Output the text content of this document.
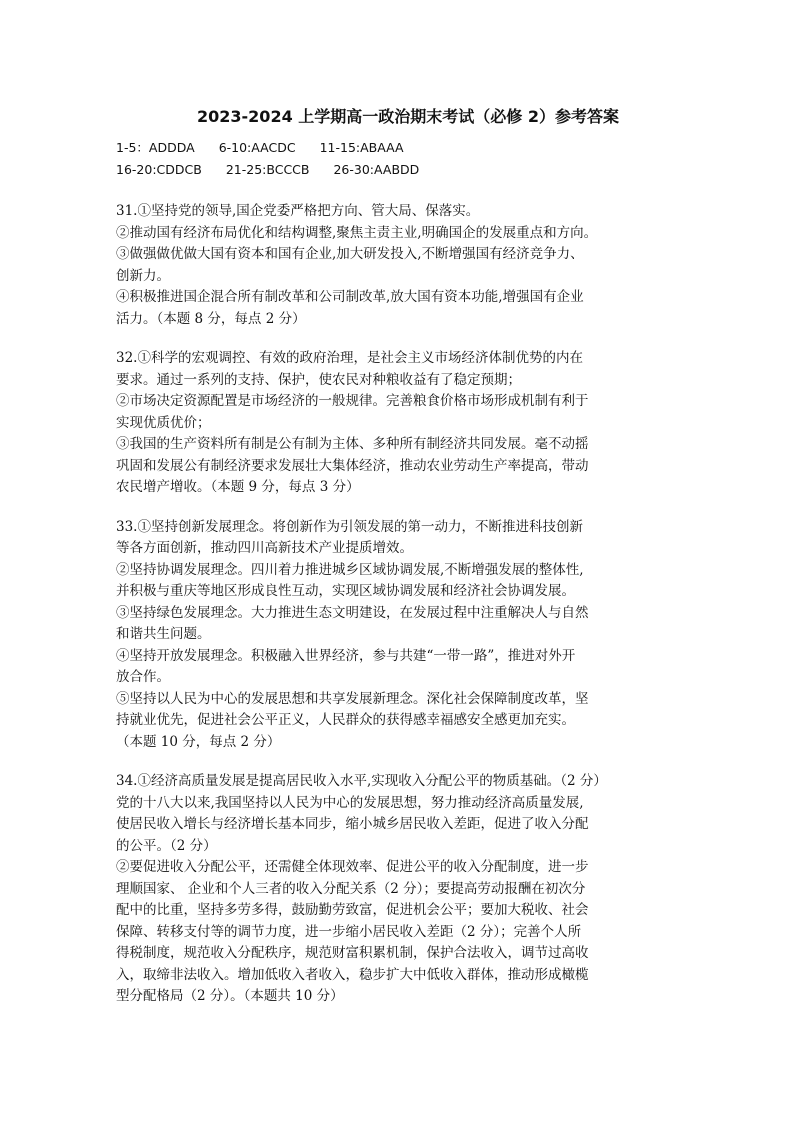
2023-2024 上学期高一政治期末考试（必修 2）参考答案
1-5：ADDDA 6-10:AACDC 11-15:ABAAA
16-20:CDDCB 21-25:BCCCB 26-30:AABDD
31.①坚持党的领导,国企党委严格把方向、管大局、保落实。
②推动国有经济布局优化和结构调整,聚焦主责主业,明确国企的发展重点和方向。
③做强做优做大国有资本和国有企业,加大研发投入,不断增强国有经济竞争力、
创新力。
④积极推进国企混合所有制改革和公司制改革,放大国有资本功能,增强国有企业
活力。（本题 8 分，每点 2 分）
32.①科学的宏观调控、有效的政府治理，是社会主义市场经济体制优势的内在
要求。通过一系列的支持、保护，使农民对种粮收益有了稳定预期；
②市场决定资源配置是市场经济的一般规律。完善粮食价格市场形成机制有利于
实现优质优价；
③我国的生产资料所有制是公有制为主体、多种所有制经济共同发展。毫不动摇
巩固和发展公有制经济要求发展壮大集体经济，推动农业劳动生产率提高，带动
农民增产增收。（本题 9 分，每点 3 分）
33.①坚持创新发展理念。将创新作为引领发展的第一动力，不断推进科技创新
等各方面创新，推动四川高新技术产业提质增效。
②坚持协调发展理念。四川着力推进城乡区域协调发展,不断增强发展的整体性,
并积极与重庆等地区形成良性互动，实现区域协调发展和经济社会协调发展。
③坚持绿色发展理念。大力推进生态文明建设，在发展过程中注重解决人与自然
和谐共生问题。
④坚持开放发展理念。积极融入世界经济，参与共建“一带一路”，推进对外开
放合作。
⑤坚持以人民为中心的发展思想和共享发展新理念。深化社会保障制度改革，坚
持就业优先，促进社会公平正义，人民群众的获得感幸福感安全感更加充实。
（本题 10 分，每点 2 分）
34.①经济高质量发展是提高居民收入水平,实现收入分配公平的物质基础。（2 分）
党的十八大以来,我国坚持以人民为中心的发展思想，努力推动经济高质量发展,
使居民收入增长与经济增长基本同步，缩小城乡居民收入差距，促进了收入分配
的公平。（2 分）
②要促进收入分配公平，还需健全体现效率、促进公平的收入分配制度，进一步
理顺国家、 企业和个人三者的收入分配关系（2 分）；要提高劳动报酬在初次分
配中的比重，坚持多劳多得，鼓励勤劳致富，促进机会公平；要加大税收、社会
保障、转移支付等的调节力度，进一步缩小居民收入差距（2 分）；完善个人所
得税制度，规范收入分配秩序，规范财富积累机制，保护合法收入，调节过高收
入，取缔非法收入。增加低收入者收入，稳步扩大中低收入群体，推动形成橄榄
型分配格局（2 分）。（本题共 10 分）
